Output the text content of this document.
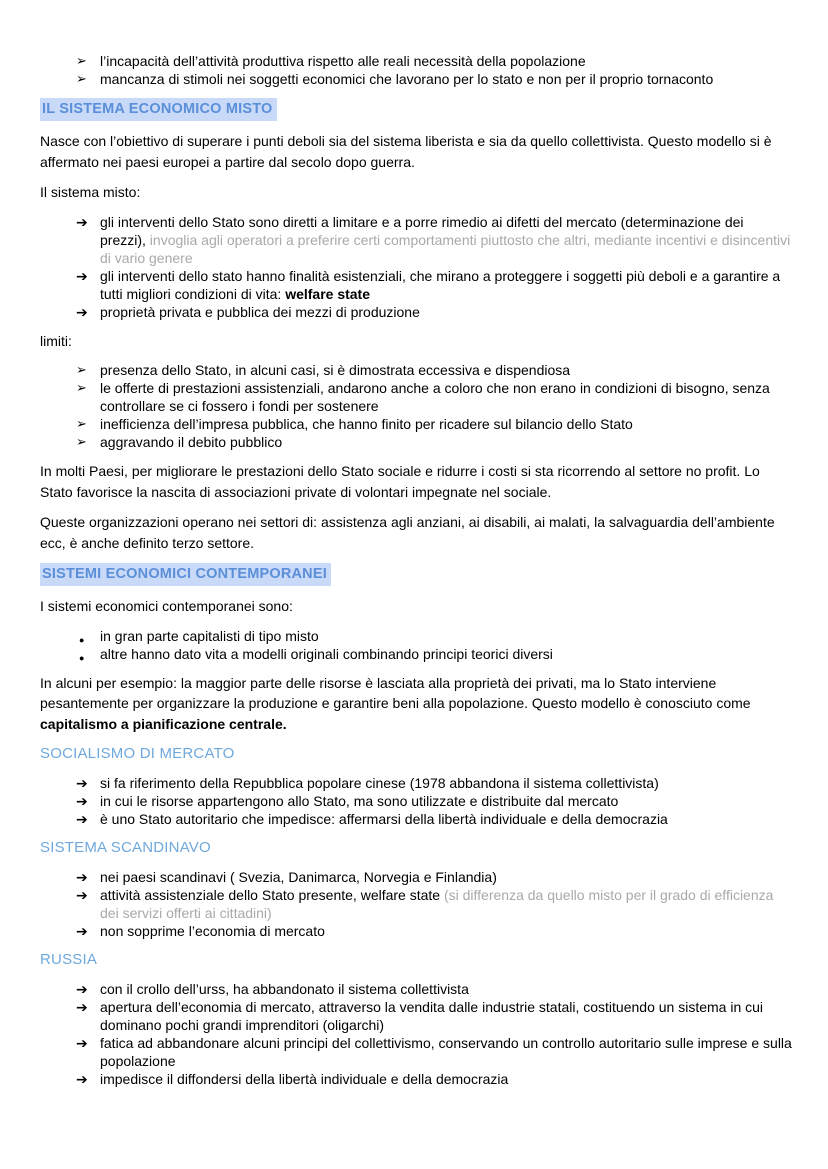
➢ l’incapacità dell’attività produttiva rispetto alle reali necessità della popolazione
➢ mancanza di stimoli nei soggetti economici che lavorano per lo stato e non per il proprio tornaconto

IL SISTEMA ECONOMICO MISTO

Nasce con l’obiettivo di superare i punti deboli sia del sistema liberista e sia da quello collettivista. Questo modello si è affermato nei paesi europei a partire dal secolo dopo guerra.

Il sistema misto:

➔ gli interventi dello Stato sono diretti a limitare e a porre rimedio ai difetti del mercato (determinazione dei prezzi), invoglia agli operatori a preferire certi comportamenti piuttosto che altri, mediante incentivi e disincentivi di vario genere
➔ gli interventi dello stato hanno finalità esistenziali, che mirano a proteggere i soggetti più deboli e a garantire a tutti migliori condizioni di vita: welfare state
➔ proprietà privata e pubblica dei mezzi di produzione

limiti:

➢ presenza dello Stato, in alcuni casi, si è dimostrata eccessiva e dispendiosa
➢ le offerte di prestazioni assistenziali, andarono anche a coloro che non erano in condizioni di bisogno, senza controllare se ci fossero i fondi per sostenere
➢ inefficienza dell’impresa pubblica, che hanno finito per ricadere sul bilancio dello Stato
➢ aggravando il debito pubblico

In molti Paesi, per migliorare le prestazioni dello Stato sociale e ridurre i costi si sta ricorrendo al settore no profit. Lo Stato favorisce la nascita di associazioni private di volontari impegnate nel sociale.

Queste organizzazioni operano nei settori di: assistenza agli anziani, ai disabili, ai malati, la salvaguardia dell’ambiente ecc, è anche definito terzo settore.

SISTEMI ECONOMICI CONTEMPORANEI

I sistemi economici contemporanei sono:

● in gran parte capitalisti di tipo misto
● altre hanno dato vita a modelli originali combinando principi teorici diversi

In alcuni per esempio: la maggior parte delle risorse è lasciata alla proprietà dei privati, ma lo Stato interviene pesantemente per organizzare la produzione e garantire beni alla popolazione. Questo modello è conosciuto come capitalismo a pianificazione centrale.

SOCIALISMO DI MERCATO

➔ si fa riferimento della Repubblica popolare cinese (1978 abbandona il sistema collettivista)
➔ in cui le risorse appartengono allo Stato, ma sono utilizzate e distribuite dal mercato
➔ è uno Stato autoritario che impedisce: affermarsi della libertà individuale e della democrazia

SISTEMA SCANDINAVO

➔ nei paesi scandinavi ( Svezia, Danimarca, Norvegia e Finlandia)
➔ attività assistenziale dello Stato presente, welfare state (si differenza da quello misto per il grado di efficienza dei servizi offerti ai cittadini)
➔ non sopprime l’economia di mercato

RUSSIA

➔ con il crollo dell’urss, ha abbandonato il sistema collettivista
➔ apertura dell’economia di mercato, attraverso la vendita dalle industrie statali, costituendo un sistema in cui dominano pochi grandi imprenditori (oligarchi)
➔ fatica ad abbandonare alcuni principi del collettivismo, conservando un controllo autoritario sulle imprese e sulla popolazione
➔ impedisce il diffondersi della libertà individuale e della democrazia
